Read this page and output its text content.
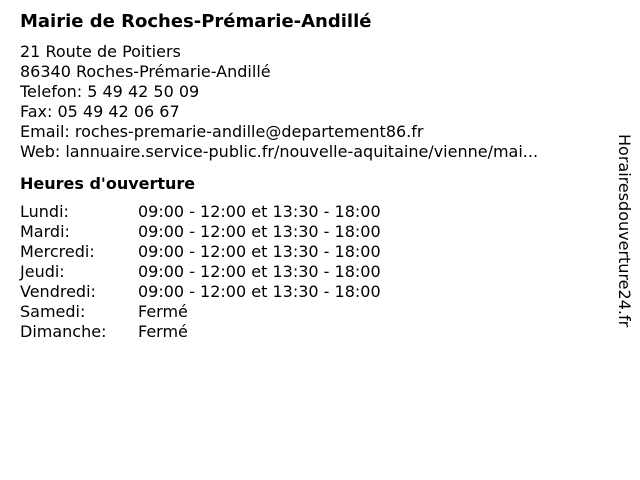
Mairie de Roches-Prémarie-Andillé
21 Route de Poitiers
86340 Roches-Prémarie-Andillé
Telefon: 5 49 42 50 09
Fax: 05 49 42 06 67
Email: roches-premarie-andille@departement86.fr
Web: lannuaire.service-public.fr/nouvelle-aquitaine/vienne/mai...
Heures d'ouverture
Lundi:	09:00 - 12:00 et 13:30 - 18:00
Mardi:	09:00 - 12:00 et 13:30 - 18:00
Mercredi:	09:00 - 12:00 et 13:30 - 18:00
Jeudi:	09:00 - 12:00 et 13:30 - 18:00
Vendredi:	09:00 - 12:00 et 13:30 - 18:00
Samedi:	Fermé
Dimanche:	Fermé
Horairesdouverture24.fr
